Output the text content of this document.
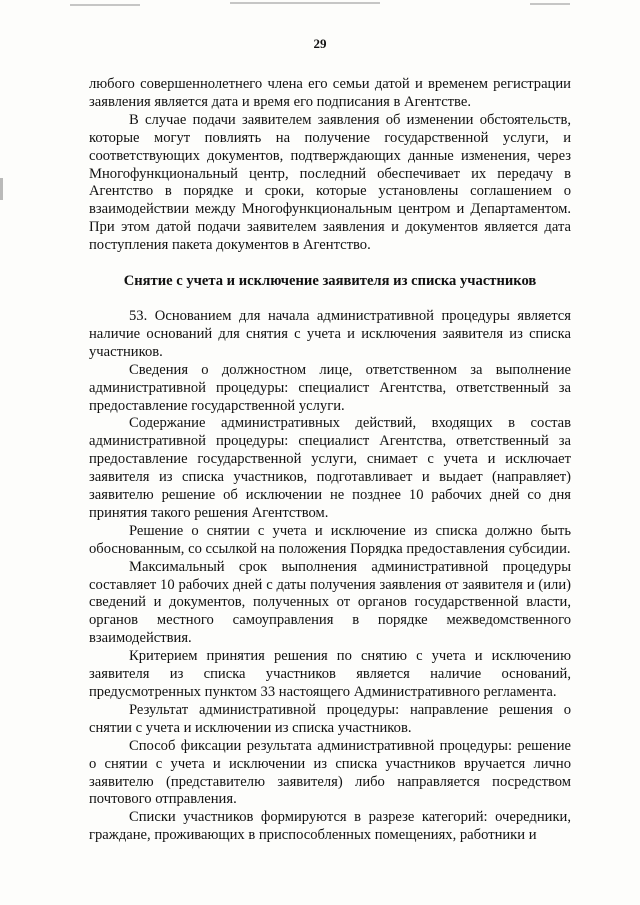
29

любого совершеннолетнего члена его семьи датой и временем регистрации заявления является дата и время его подписания в Агентстве.

В случае подачи заявителем заявления об изменении обстоятельств, которые могут повлиять на получение государственной услуги, и соответствующих документов, подтверждающих данные изменения, через Многофункциональный центр, последний обеспечивает их передачу в Агентство в порядке и сроки, которые установлены соглашением о взаимодействии между Многофункциональным центром и Департаментом. При этом датой подачи заявителем заявления и документов является дата поступления пакета документов в Агентство.

Снятие с учета и исключение заявителя из списка участников

53. Основанием для начала административной процедуры является наличие оснований для снятия с учета и исключения заявителя из списка участников.

Сведения о должностном лице, ответственном за выполнение административной процедуры: специалист Агентства, ответственный за предоставление государственной услуги.

Содержание административных действий, входящих в состав административной процедуры: специалист Агентства, ответственный за предоставление государственной услуги, снимает с учета и исключает заявителя из списка участников, подготавливает и выдает (направляет) заявителю решение об исключении не позднее 10 рабочих дней со дня принятия такого решения Агентством.

Решение о снятии с учета и исключение из списка должно быть обоснованным, со ссылкой на положения Порядка предоставления субсидии.

Максимальный срок выполнения административной процедуры составляет 10 рабочих дней с даты получения заявления от заявителя и (или) сведений и документов, полученных от органов государственной власти, органов местного самоуправления в порядке межведомственного взаимодействия.

Критерием принятия решения по снятию с учета и исключению заявителя из списка участников является наличие оснований, предусмотренных пунктом 33 настоящего Административного регламента.

Результат административной процедуры: направление решения о снятии с учета и исключении из списка участников.

Способ фиксации результата административной процедуры: решение о снятии с учета и исключении из списка участников вручается лично заявителю (представителю заявителя) либо направляется посредством почтового отправления.

Списки участников формируются в разрезе категорий: очередники, граждане, проживающих в приспособленных помещениях, работники и
